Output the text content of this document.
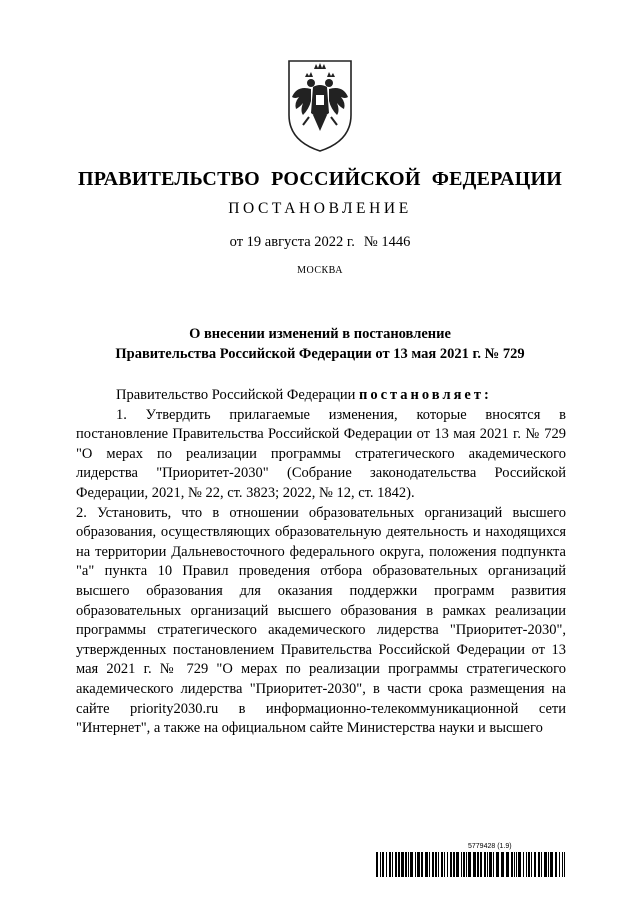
ПРАВИТЕЛЬСТВО РОССИЙСКОЙ ФЕДЕРАЦИИ
ПОСТАНОВЛЕНИЕ
от 19 августа 2022 г. № 1446
МОСКВА
О внесении изменений в постановление
Правительства Российской Федерации от 13 мая 2021 г. № 729

Правительство Российской Федерации постановляет:

1. Утвердить прилагаемые изменения, которые вносятся в постановление Правительства Российской Федерации от 13 мая 2021 г. № 729 "О мерах по реализации программы стратегического академического лидерства "Приоритет-2030" (Собрание законодательства Российской Федерации, 2021, № 22, ст. 3823; 2022, № 12, ст. 1842).

2. Установить, что в отношении образовательных организаций высшего образования, осуществляющих образовательную деятельность и находящихся на территории Дальневосточного федерального округа, положения подпункта "а" пункта 10 Правил проведения отбора образовательных организаций высшего образования для оказания поддержки программ развития образовательных организаций высшего образования в рамках реализации программы стратегического академического лидерства "Приоритет-2030", утвержденных постановлением Правительства Российской Федерации от 13 мая 2021 г. № 729 "О мерах по реализации программы стратегического академического лидерства "Приоритет-2030", в части срока размещения на сайте priority2030.ru в информационно-телекоммуникационной сети "Интернет", а также на официальном сайте Министерства науки и высшего

5779428 (1.9)
